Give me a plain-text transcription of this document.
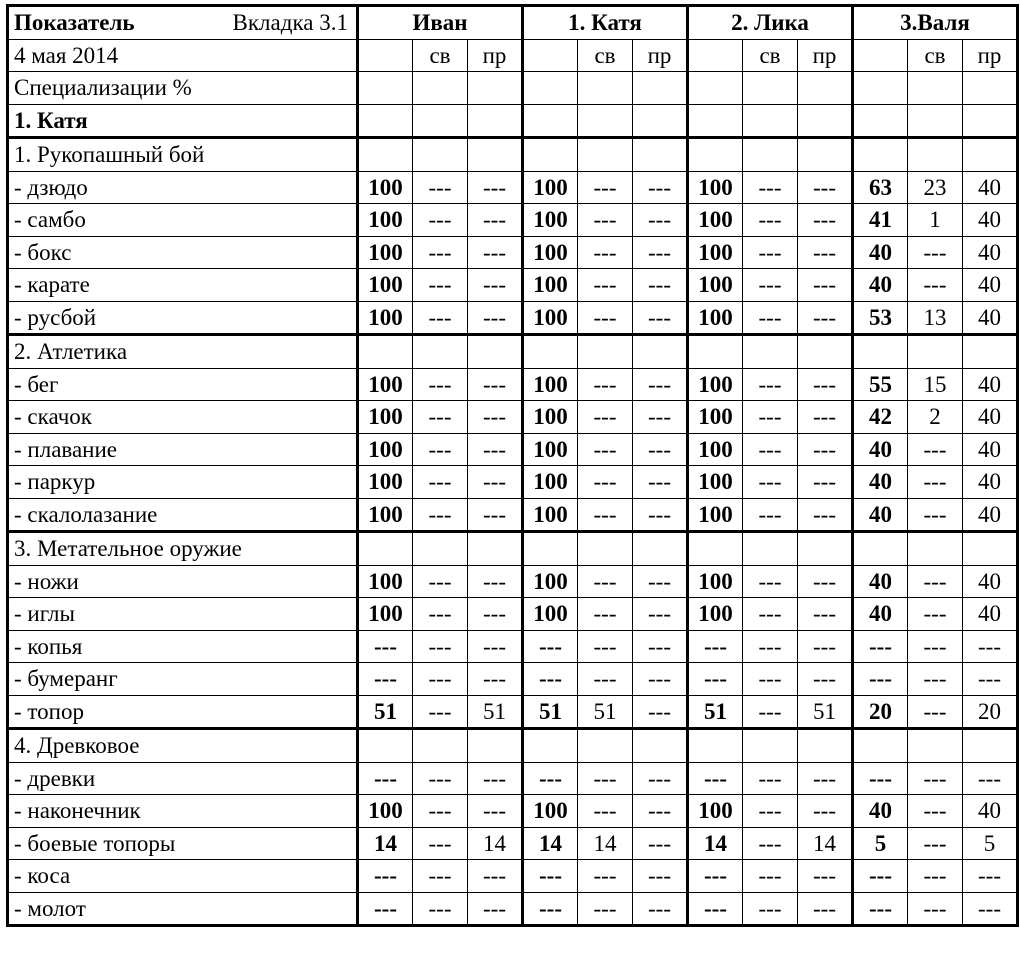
Показатель Вкладка 3.1	Иван			1. Катя			2. Лика			3.Валя		
4 мая 2014		св	пр		св	пр		св	пр		св	пр
Специализации %												
1. Катя												
1. Рукопашный бой												
- дзюдо	100	---	---	100	---	---	100	---	---	63	23	40
- самбо	100	---	---	100	---	---	100	---	---	41	1	40
- бокс	100	---	---	100	---	---	100	---	---	40	---	40
- карате	100	---	---	100	---	---	100	---	---	40	---	40
- русбой	100	---	---	100	---	---	100	---	---	53	13	40
2. Атлетика												
- бег	100	---	---	100	---	---	100	---	---	55	15	40
- скачок	100	---	---	100	---	---	100	---	---	42	2	40
- плавание	100	---	---	100	---	---	100	---	---	40	---	40
- паркур	100	---	---	100	---	---	100	---	---	40	---	40
- скалолазание	100	---	---	100	---	---	100	---	---	40	---	40
3. Метательное оружие												
- ножи	100	---	---	100	---	---	100	---	---	40	---	40
- иглы	100	---	---	100	---	---	100	---	---	40	---	40
- копья	---	---	---	---	---	---	---	---	---	---	---	---
- бумеранг	---	---	---	---	---	---	---	---	---	---	---	---
- топор	51	---	51	51	51	---	51	---	51	20	---	20
4. Древковое												
- древки	---	---	---	---	---	---	---	---	---	---	---	---
- наконечник	100	---	---	100	---	---	100	---	---	40	---	40
- боевые топоры	14	---	14	14	14	---	14	---	14	5	---	5
- коса	---	---	---	---	---	---	---	---	---	---	---	---
- молот	---	---	---	---	---	---	---	---	---	---	---	---
